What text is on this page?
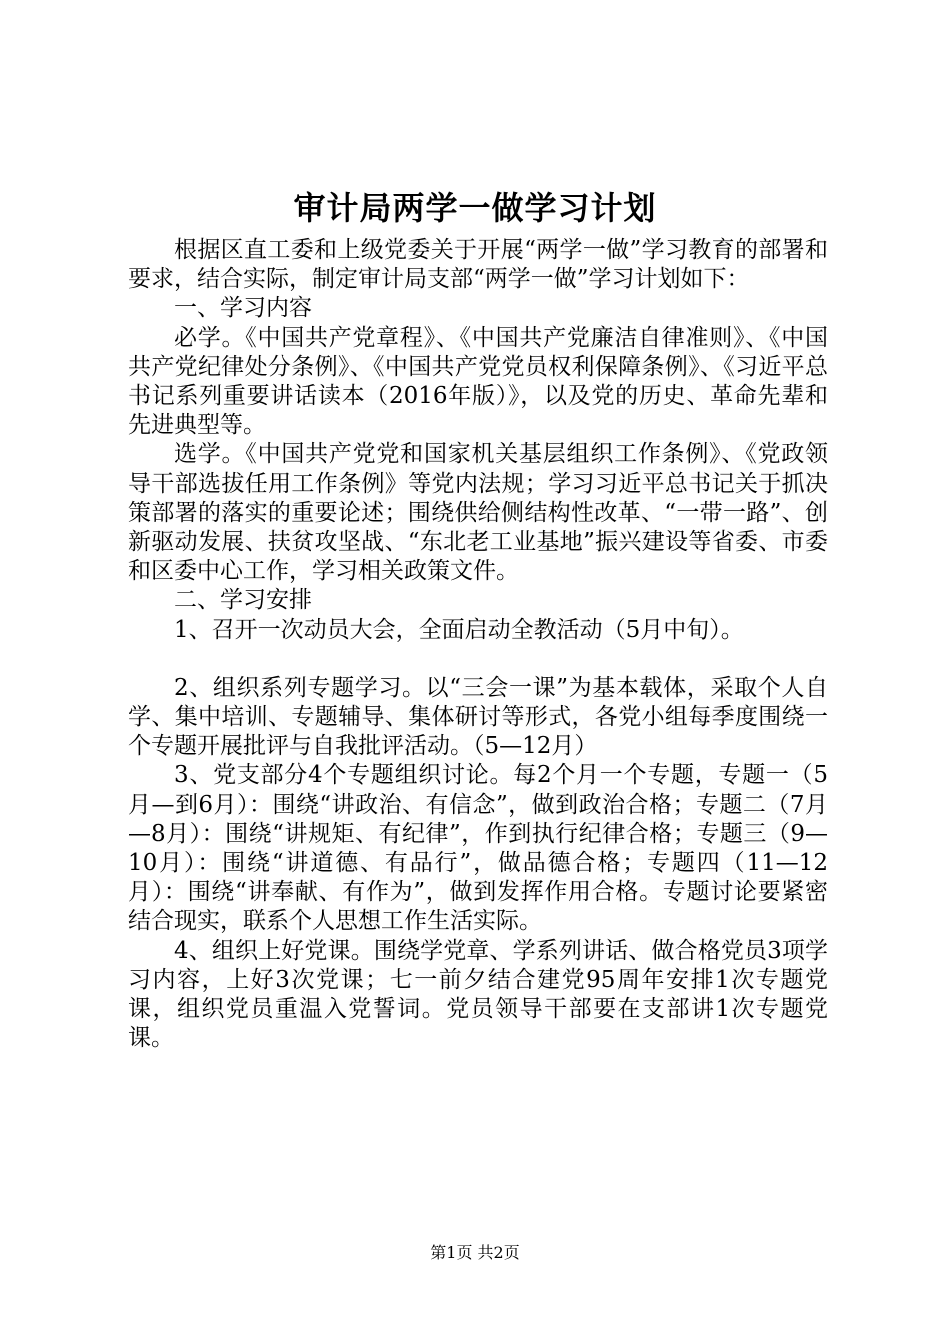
审计局两学一做学习计划

根据区直工委和上级党委关于开展“两学一做”学习教育的部署和要求，结合实际，制定审计局支部“两学一做”学习计划如下：

一、学习内容

必学。《中国共产党章程》、《中国共产党廉洁自律准则》、《中国共产党纪律处分条例》、《中国共产党党员权利保障条例》、《习近平总书记系列重要讲话读本（2016年版）》，以及党的历史、革命先辈和先进典型等。

选学。《中国共产党党和国家机关基层组织工作条例》、《党政领导干部选拔任用工作条例》等党内法规；学习习近平总书记关于抓决策部署的落实的重要论述；围绕供给侧结构性改革、“一带一路”、创新驱动发展、扶贫攻坚战、“东北老工业基地”振兴建设等省委、市委和区委中心工作，学习相关政策文件。

二、学习安排

1、召开一次动员大会，全面启动全教活动（5月中旬）。

2、组织系列专题学习。以“三会一课”为基本载体，采取个人自学、集中培训、专题辅导、集体研讨等形式，各党小组每季度围绕一个专题开展批评与自我批评活动。（5—12月）

3、党支部分4个专题组织讨论。每2个月一个专题，专题一（5月—到6月）：围绕“讲政治、有信念”，做到政治合格；专题二（7月—8月）：围绕“讲规矩、有纪律”，作到执行纪律合格；专题三（9—10月）：围绕“讲道德、有品行”，做品德合格；专题四（11—12月）：围绕“讲奉献、有作为”，做到发挥作用合格。专题讨论要紧密结合现实，联系个人思想工作生活实际。

4、组织上好党课。围绕学党章、学系列讲话、做合格党员3项学习内容，上好3次党课；七一前夕结合建党95周年安排1次专题党课，组织党员重温入党誓词。党员领导干部要在支部讲1次专题党课。

第1页 共2页
